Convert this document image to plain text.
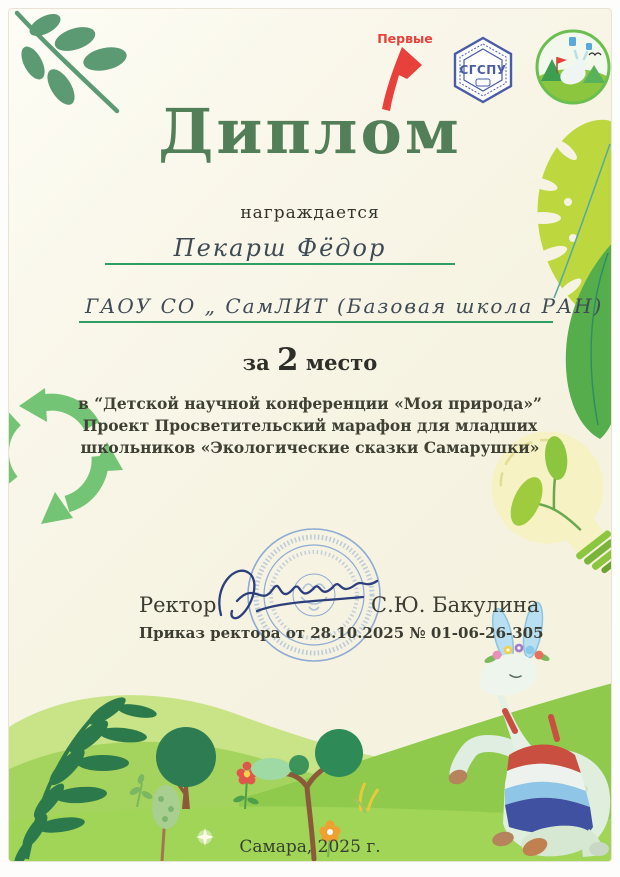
Первые
СГСПУ
Диплом
награждается
Пекарш Фёдор
ГАОУ СО „ СамЛИТ (Базовая школа РАН)
за 2 место
в “Детской научной конференции «Моя природа»”
Проект Просветительский марафон для младших
школьников «Экологические сказки Самарушки»
Ректор	С.Ю. Бакулина
Приказ ректора от 28.10.2025 № 01-06-26-305
Самара, 2025 г.
